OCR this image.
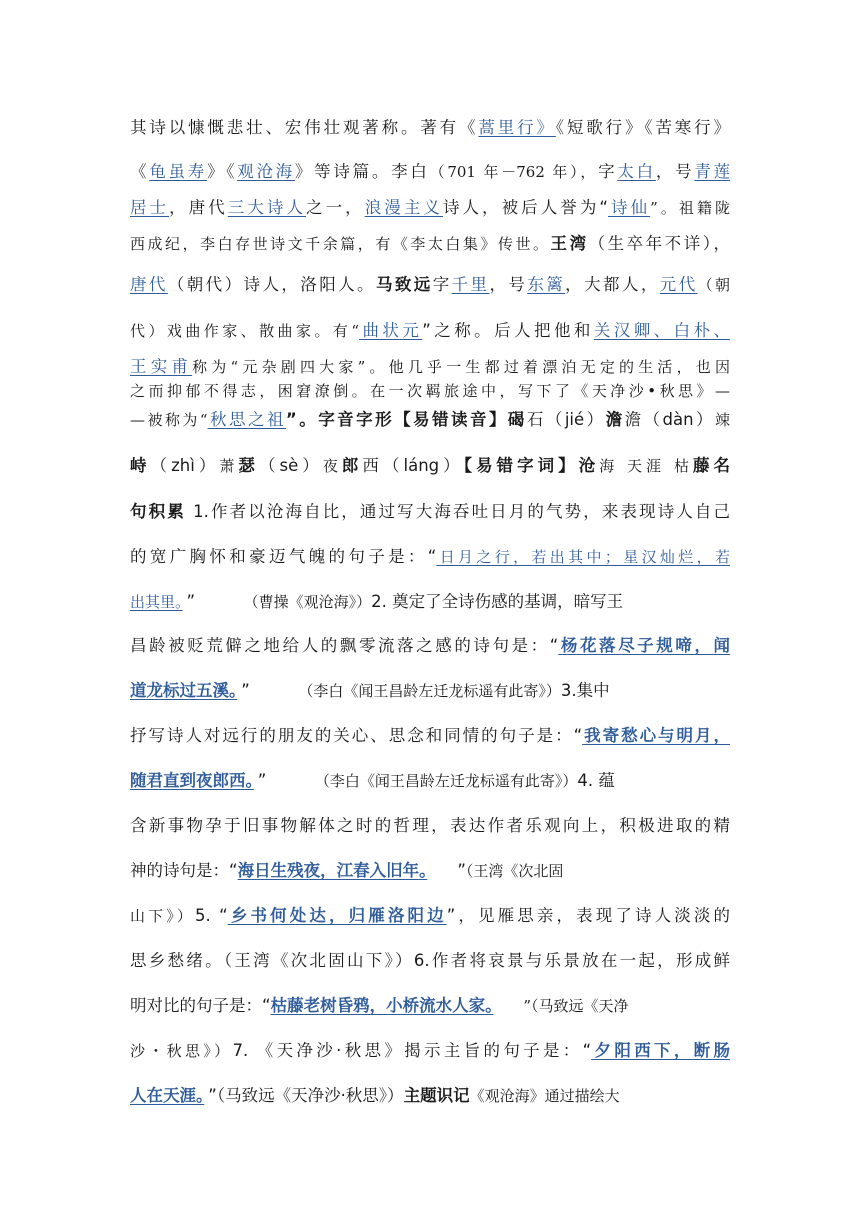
其诗以慷慨悲壮、宏伟壮观著称。著有《蒿里行》《短歌行》《苦寒行》
《龟虽寿》《观沧海》等诗篇。李白（701 年－762 年），字太白，号青莲
居士，唐代三大诗人之一，浪漫主义诗人，被后人誉为“诗仙”。祖籍陇
西成纪，李白存世诗文千余篇，有《李太白集》传世。王湾（生卒年不详），
唐代（朝代）诗人，洛阳人。马致远字千里，号东篱，大都人，元代（朝
代）戏曲作家、散曲家。有“曲状元”之称。后人把他和关汉卿、白朴、
王实甫称为“元杂剧四大家”。他几乎一生都过着漂泊无定的生活，也因
之而抑郁不得志，困窘潦倒。在一次羁旅途中，写下了《天净沙•秋思》—
—被称为“秋思之祖”。字音字形【易错读音】碣石（jié）澹澹（dàn）竦
峙（zhì）萧瑟（sè）夜郎西（láng）【易错字词】沧海 天涯 枯藤名
句积累 1.作者以沧海自比，通过写大海吞吐日月的气势，来表现诗人自己
的宽广胸怀和豪迈气魄的句子是：“日月之行，若出其中；星汉灿烂，若
出其里。 ”	（曹操《观沧海》）2. 奠定了全诗伤感的基调，暗写王
昌龄被贬荒僻之地给人的飘零流落之感的诗句是：“杨花落尽子规啼，闻
道龙标过五溪。 ”	（李白《闻王昌龄左迁龙标遥有此寄》）3.集中
抒写诗人对远行的朋友的关心、思念和同情的句子是：“我寄愁心与明月，
随君直到夜郎西。 ”	（李白《闻王昌龄左迁龙标遥有此寄》）4. 蕴
含新事物孕于旧事物解体之时的哲理，表达作者乐观向上，积极进取的精
神的诗句是：“海日生残夜，江春入旧年。 ”（王湾《次北固
山下》）5. “乡书何处达，归雁洛阳边”，见雁思亲，表现了诗人淡淡的
思乡愁绪。（王湾《次北固山下》）6.作者将哀景与乐景放在一起，形成鲜
明对比的句子是：“枯藤老树昏鸦，小桥流水人家。 ”（马致远《天净
沙・秋思》）7. 《天净沙·秋思》揭示主旨的句子是：“夕阳西下，断肠
人在天涯。 ”（马致远《天净沙·秋思》）主题识记《观沧海》通过描绘大
